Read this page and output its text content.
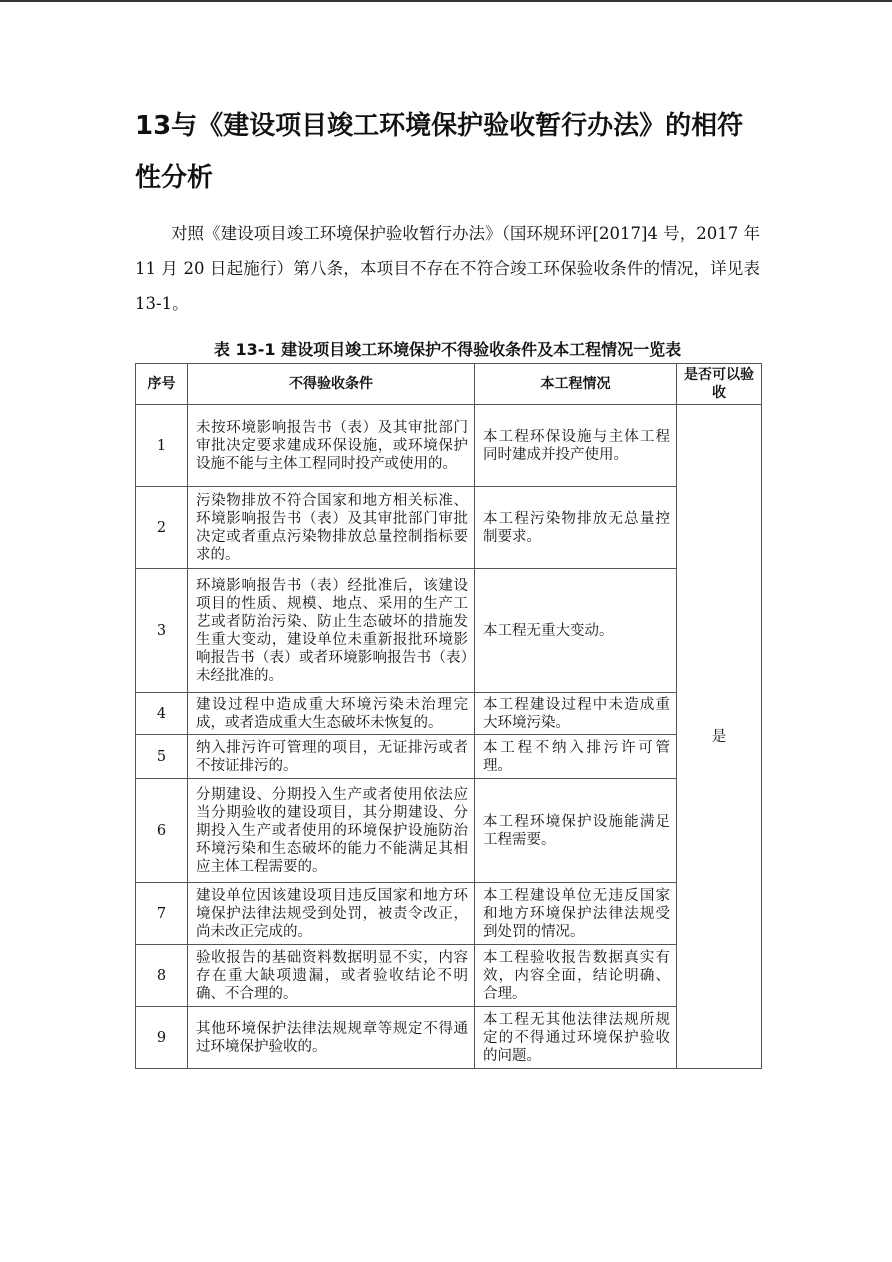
13与《建设项目竣工环境保护验收暂行办法》的相符性分析

对照《建设项目竣工环境保护验收暂行办法》（国环规环评[2017]4 号，2017 年 11 月 20 日起施行）第八条，本项目不存在不符合竣工环保验收条件的情况，详见表 13-1。

表 13-1 建设项目竣工环境保护不得验收条件及本工程情况一览表
序号	不得验收条件	本工程情况	是否可以验收
1	未按环境影响报告书（表）及其审批部门审批决定要求建成环保设施，或环境保护设施不能与主体工程同时投产或使用的。	本工程环保设施与主体工程同时建成并投产使用。	是
2	污染物排放不符合国家和地方相关标准、环境影响报告书（表）及其审批部门审批决定或者重点污染物排放总量控制指标要求的。	本工程污染物排放无总量控制要求。	
3	环境影响报告书（表）经批准后，该建设项目的性质、规模、地点、采用的生产工艺或者防治污染、防止生态破坏的措施发生重大变动，建设单位未重新报批环境影响报告书（表）或者环境影响报告书（表）未经批准的。	本工程无重大变动。	
4	建设过程中造成重大环境污染未治理完成，或者造成重大生态破坏未恢复的。	本工程建设过程中未造成重大环境污染。	
5	纳入排污许可管理的项目，无证排污或者不按证排污的。	本工程不纳入排污许可管理。	
6	分期建设、分期投入生产或者使用依法应当分期验收的建设项目，其分期建设、分期投入生产或者使用的环境保护设施防治环境污染和生态破坏的能力不能满足其相应主体工程需要的。	本工程环境保护设施能满足工程需要。	
7	建设单位因该建设项目违反国家和地方环境保护法律法规受到处罚，被责令改正，尚未改正完成的。	本工程建设单位无违反国家和地方环境保护法律法规受到处罚的情况。	
8	验收报告的基础资料数据明显不实，内容存在重大缺项遗漏，或者验收结论不明确、不合理的。	本工程验收报告数据真实有效，内容全面，结论明确、合理。	
9	其他环境保护法律法规规章等规定不得通过环境保护验收的。	本工程无其他法律法规所规定的不得通过环境保护验收的问题。	
